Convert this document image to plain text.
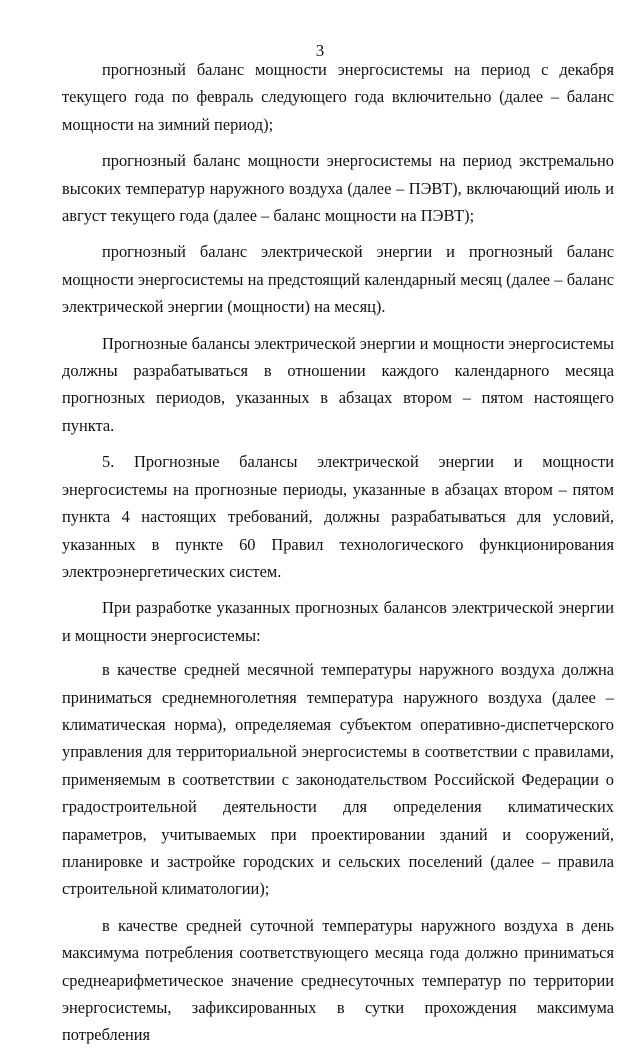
3

прогнозный баланс мощности энергосистемы на период с декабря текущего года по февраль следующего года включительно (далее – баланс мощности на зимний период);

прогнозный баланс мощности энергосистемы на период экстремально высоких температур наружного воздуха (далее – ПЭВТ), включающий июль и август текущего года (далее – баланс мощности на ПЭВТ);

прогнозный баланс электрической энергии и прогнозный баланс мощности энергосистемы на предстоящий календарный месяц (далее – баланс электрической энергии (мощности) на месяц).

Прогнозные балансы электрической энергии и мощности энергосистемы должны разрабатываться в отношении каждого календарного месяца прогнозных периодов, указанных в абзацах втором – пятом настоящего пункта.

5. Прогнозные балансы электрической энергии и мощности энергосистемы на прогнозные периоды, указанные в абзацах втором – пятом пункта 4 настоящих требований, должны разрабатываться для условий, указанных в пункте 60 Правил технологического функционирования электроэнергетических систем.

При разработке указанных прогнозных балансов электрической энергии и мощности энергосистемы:

в качестве средней месячной температуры наружного воздуха должна приниматься среднемноголетняя температура наружного воздуха (далее – климатическая норма), определяемая субъектом оперативно-диспетчерского управления для территориальной энергосистемы в соответствии с правилами, применяемым в соответствии с законодательством Российской Федерации о градостроительной деятельности для определения климатических параметров, учитываемых при проектировании зданий и сооружений, планировке и застройке городских и сельских поселений (далее – правила строительной климатологии);

в качестве средней суточной температуры наружного воздуха в день максимума потребления соответствующего месяца года должно приниматься среднеарифметическое значение среднесуточных температур по территории энергосистемы, зафиксированных в сутки прохождения максимума потребления
